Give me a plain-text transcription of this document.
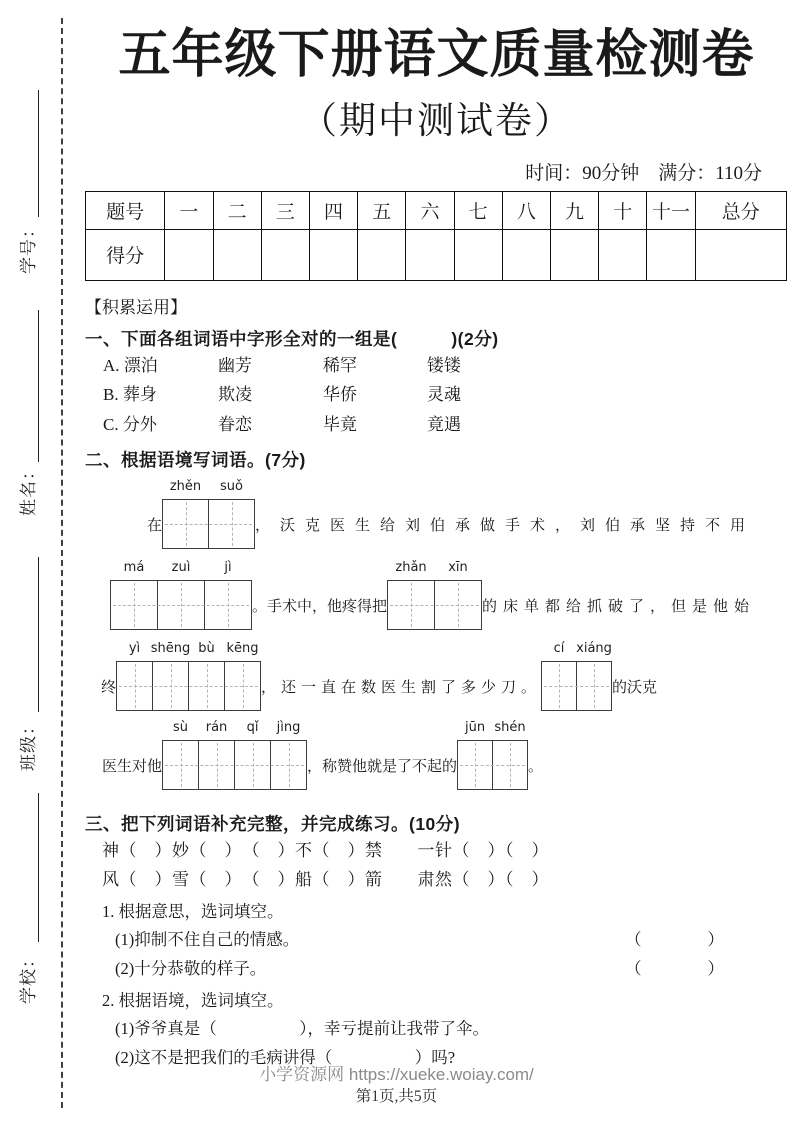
学号：
姓名：
班级：
学校：
五年级下册语文质量检测卷
（期中测试卷）
时间：90分钟　满分：110分
题号	一	二	三	四	五	六	七	八	九	十	十一	总分
得分												
【积累运用】
一、下面各组词语中字形全对的一组是(　　　)(2分)
A. 漂泊	幽芳	稀罕	镂镂
B. 葬身	欺凌	华侨	灵魂
C. 分外	眷恋	毕竟	竟遇
二、根据语境写词语。(7分)
在
zhěn suǒ
，沃克医生给刘伯承做手术，刘伯承坚持不用
má zuì	jì
。手术中，他疼得把
zhǎn xīn
的床单都给抓破了，但是他始
终
yì shēng bù kēng
，还一直在数医生割了多少刀。
cí xiáng
的沃克
医生对他
sù rán qǐ jìng
，称赞他就是了不起的
jūn shén
。
三、把下列词语补充完整，并完成练习。(10分)
神（　）妙（　）　（　）不（　）禁　　一针（　）（　）
风（　）雪（　）　（　）船（　）箭　　肃然（　）（　）
1. 根据意思，选词填空。
(1)抑制不住自己的情感。	（　　　　）
(2)十分恭敬的样子。	（　　　　）
2. 根据语境，选词填空。
(1)爷爷真是（　　　　　），幸亏提前让我带了伞。
(2)这不是把我们的毛病讲得（　　　　　）吗?
小学资源网 https://xueke.woiay.com/
第1页,共5页
